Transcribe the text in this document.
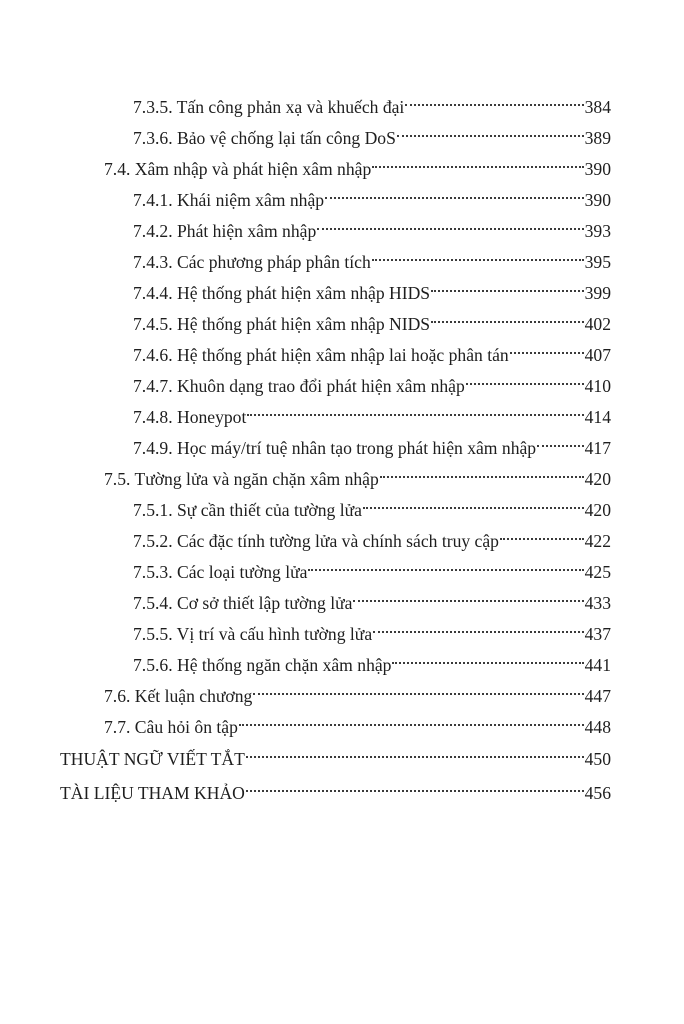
7.3.5. Tấn công phản xạ và khuếch đại	384
7.3.6. Bảo vệ chống lại tấn công DoS	389
7.4. Xâm nhập và phát hiện xâm nhập	390
7.4.1. Khái niệm xâm nhập	390
7.4.2. Phát hiện xâm nhập	393
7.4.3. Các phương pháp phân tích	395
7.4.4. Hệ thống phát hiện xâm nhập HIDS	399
7.4.5. Hệ thống phát hiện xâm nhập NIDS	402
7.4.6. Hệ thống phát hiện xâm nhập lai hoặc phân tán	407
7.4.7. Khuôn dạng trao đổi phát hiện xâm nhập	410
7.4.8. Honeypot	414
7.4.9. Học máy/trí tuệ nhân tạo trong phát hiện xâm nhập	417
7.5. Tường lửa và ngăn chặn xâm nhập	420
7.5.1. Sự cần thiết của tường lửa	420
7.5.2. Các đặc tính tường lửa và chính sách truy cập	422
7.5.3. Các loại tường lửa	425
7.5.4. Cơ sở thiết lập tường lửa	433
7.5.5. Vị trí và cấu hình tường lửa	437
7.5.6. Hệ thống ngăn chặn xâm nhập	441
7.6. Kết luận chương	447
7.7. Câu hỏi ôn tập	448
THUẬT NGỮ VIẾT TẮT	450
TÀI LIỆU THAM KHẢO	456
